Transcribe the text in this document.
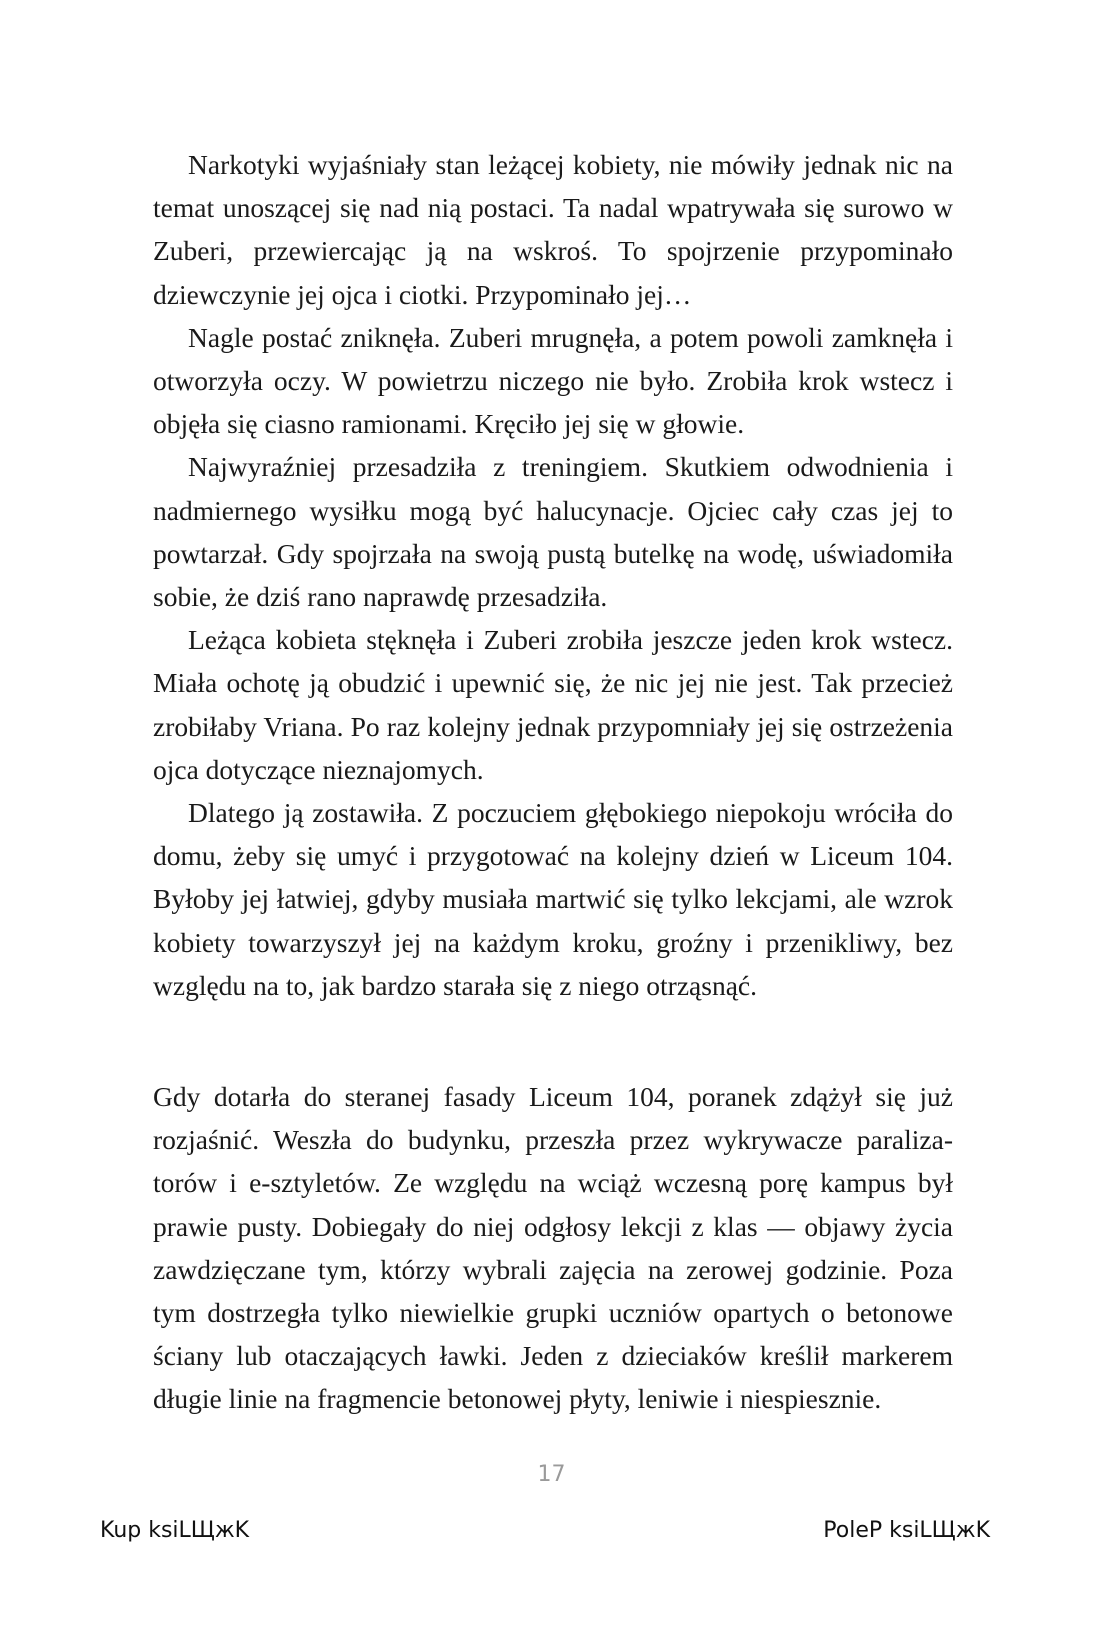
Narkotyki wyjaśniały stan leżącej kobiety, nie mówiły jednak nic na temat unoszącej się nad nią postaci. Ta nadal wpatrywała się surowo w Zuberi, przewiercając ją na wskroś. To spojrzenie przypominało dziewczynie jej ojca i ciotki. Przypominało jej…

Nagle postać zniknęła. Zuberi mrugnęła, a potem powoli zamknęła i otworzyła oczy. W powietrzu niczego nie było. Zrobiła krok wstecz i objęła się ciasno ramionami. Kręciło jej się w głowie.

Najwyraźniej przesadziła z treningiem. Skutkiem odwodnienia i nadmiernego wysiłku mogą być halucynacje. Ojciec cały czas jej to powtarzał. Gdy spojrzała na swoją pustą butelkę na wodę, uświadomiła sobie, że dziś rano naprawdę przesadziła.

Leżąca kobieta stęknęła i Zuberi zrobiła jeszcze jeden krok wstecz. Miała ochotę ją obudzić i upewnić się, że nic jej nie jest. Tak przecież zrobiłaby Vriana. Po raz kolejny jednak przypomniały jej się ostrzeżenia ojca dotyczące nieznajomych.

Dlatego ją zostawiła. Z poczuciem głębokiego niepokoju wróciła do domu, żeby się umyć i przygotować na kolejny dzień w Liceum 104. Byłoby jej łatwiej, gdyby musiała martwić się tylko lekcjami, ale wzrok kobiety towarzyszył jej na każdym kroku, groźny i przenikliwy, bez względu na to, jak bardzo starała się z niego otrząsnąć.

Gdy dotarła do steranej fasady Liceum 104, poranek zdążył się już rozjaśnić. Weszła do budynku, przeszła przez wykrywacze paralizatorów i e-sztyletów. Ze względu na wciąż wczesną porę kampus był prawie pusty. Dobiegały do niej odgłosy lekcji z klas — objawy życia zawdzięczane tym, którzy wybrali zajęcia na zerowej godzinie. Poza tym dostrzegła tylko niewielkie grupki uczniów opartych o betonowe ściany lub otaczających ławki. Jeden z dzieciaków kreślił markerem długie linie na fragmencie betonowej płyty, leniwie i niespiesznie.

17
Kup ksiLЩжK	PoleP ksiLЩжK
